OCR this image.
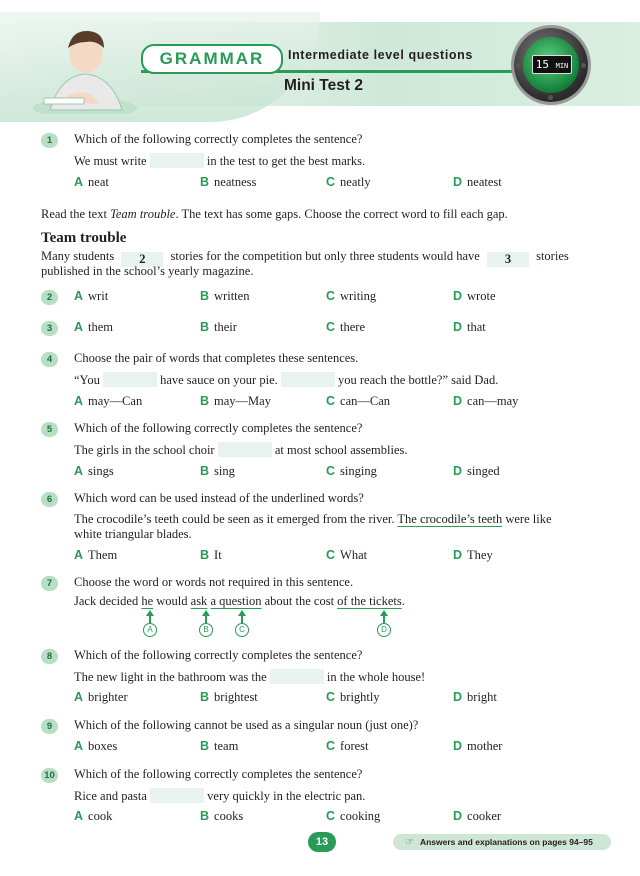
GRAMMAR	Intermediate level questions
Mini Test 2
15 MIN
1	Which of the following correctly completes the sentence?
We must write	in the test to get the best marks.
A neat	B neatness	C neatly	D neatest
Read the text Team trouble. The text has some gaps. Choose the correct word to fill each gap.
Team trouble
Many students 2 stories for the competition but only three students would have 3 stories
published in the school’s yearly magazine.
2	A writ	B written	C writing	D wrote
3	A them	B their	C there	D that
4	Choose the pair of words that completes these sentences.
“You	have sauce on your pie.	you reach the bottle?” said Dad.
A may—Can	B may—May	C can—Can	D can—may
5	Which of the following correctly completes the sentence?
The girls in the school choir	at most school assemblies.
A sings	B sing	C singing	D singed
6	Which word can be used instead of the underlined words?
The crocodile’s teeth could be seen as it emerged from the river. The crocodile’s teeth were like
white triangular blades.
A Them	B It	C What	D They
7	Choose the word or words not required in this sentence.
Jack decided he would ask a question about the cost of the tickets.
A	B	C	D
8	Which of the following correctly completes the sentence?
The new light in the bathroom was the	in the whole house!
A brighter	B brightest	C brightly	D bright
9	Which of the following cannot be used as a singular noun (just one)?
A boxes	B team	C forest	D mother
10 Which of the following correctly completes the sentence?
Rice and pasta	very quickly in the electric pan.
A cook	B cooks	C cooking	D cooker
13	☞ Answers and explanations on pages 94–95
